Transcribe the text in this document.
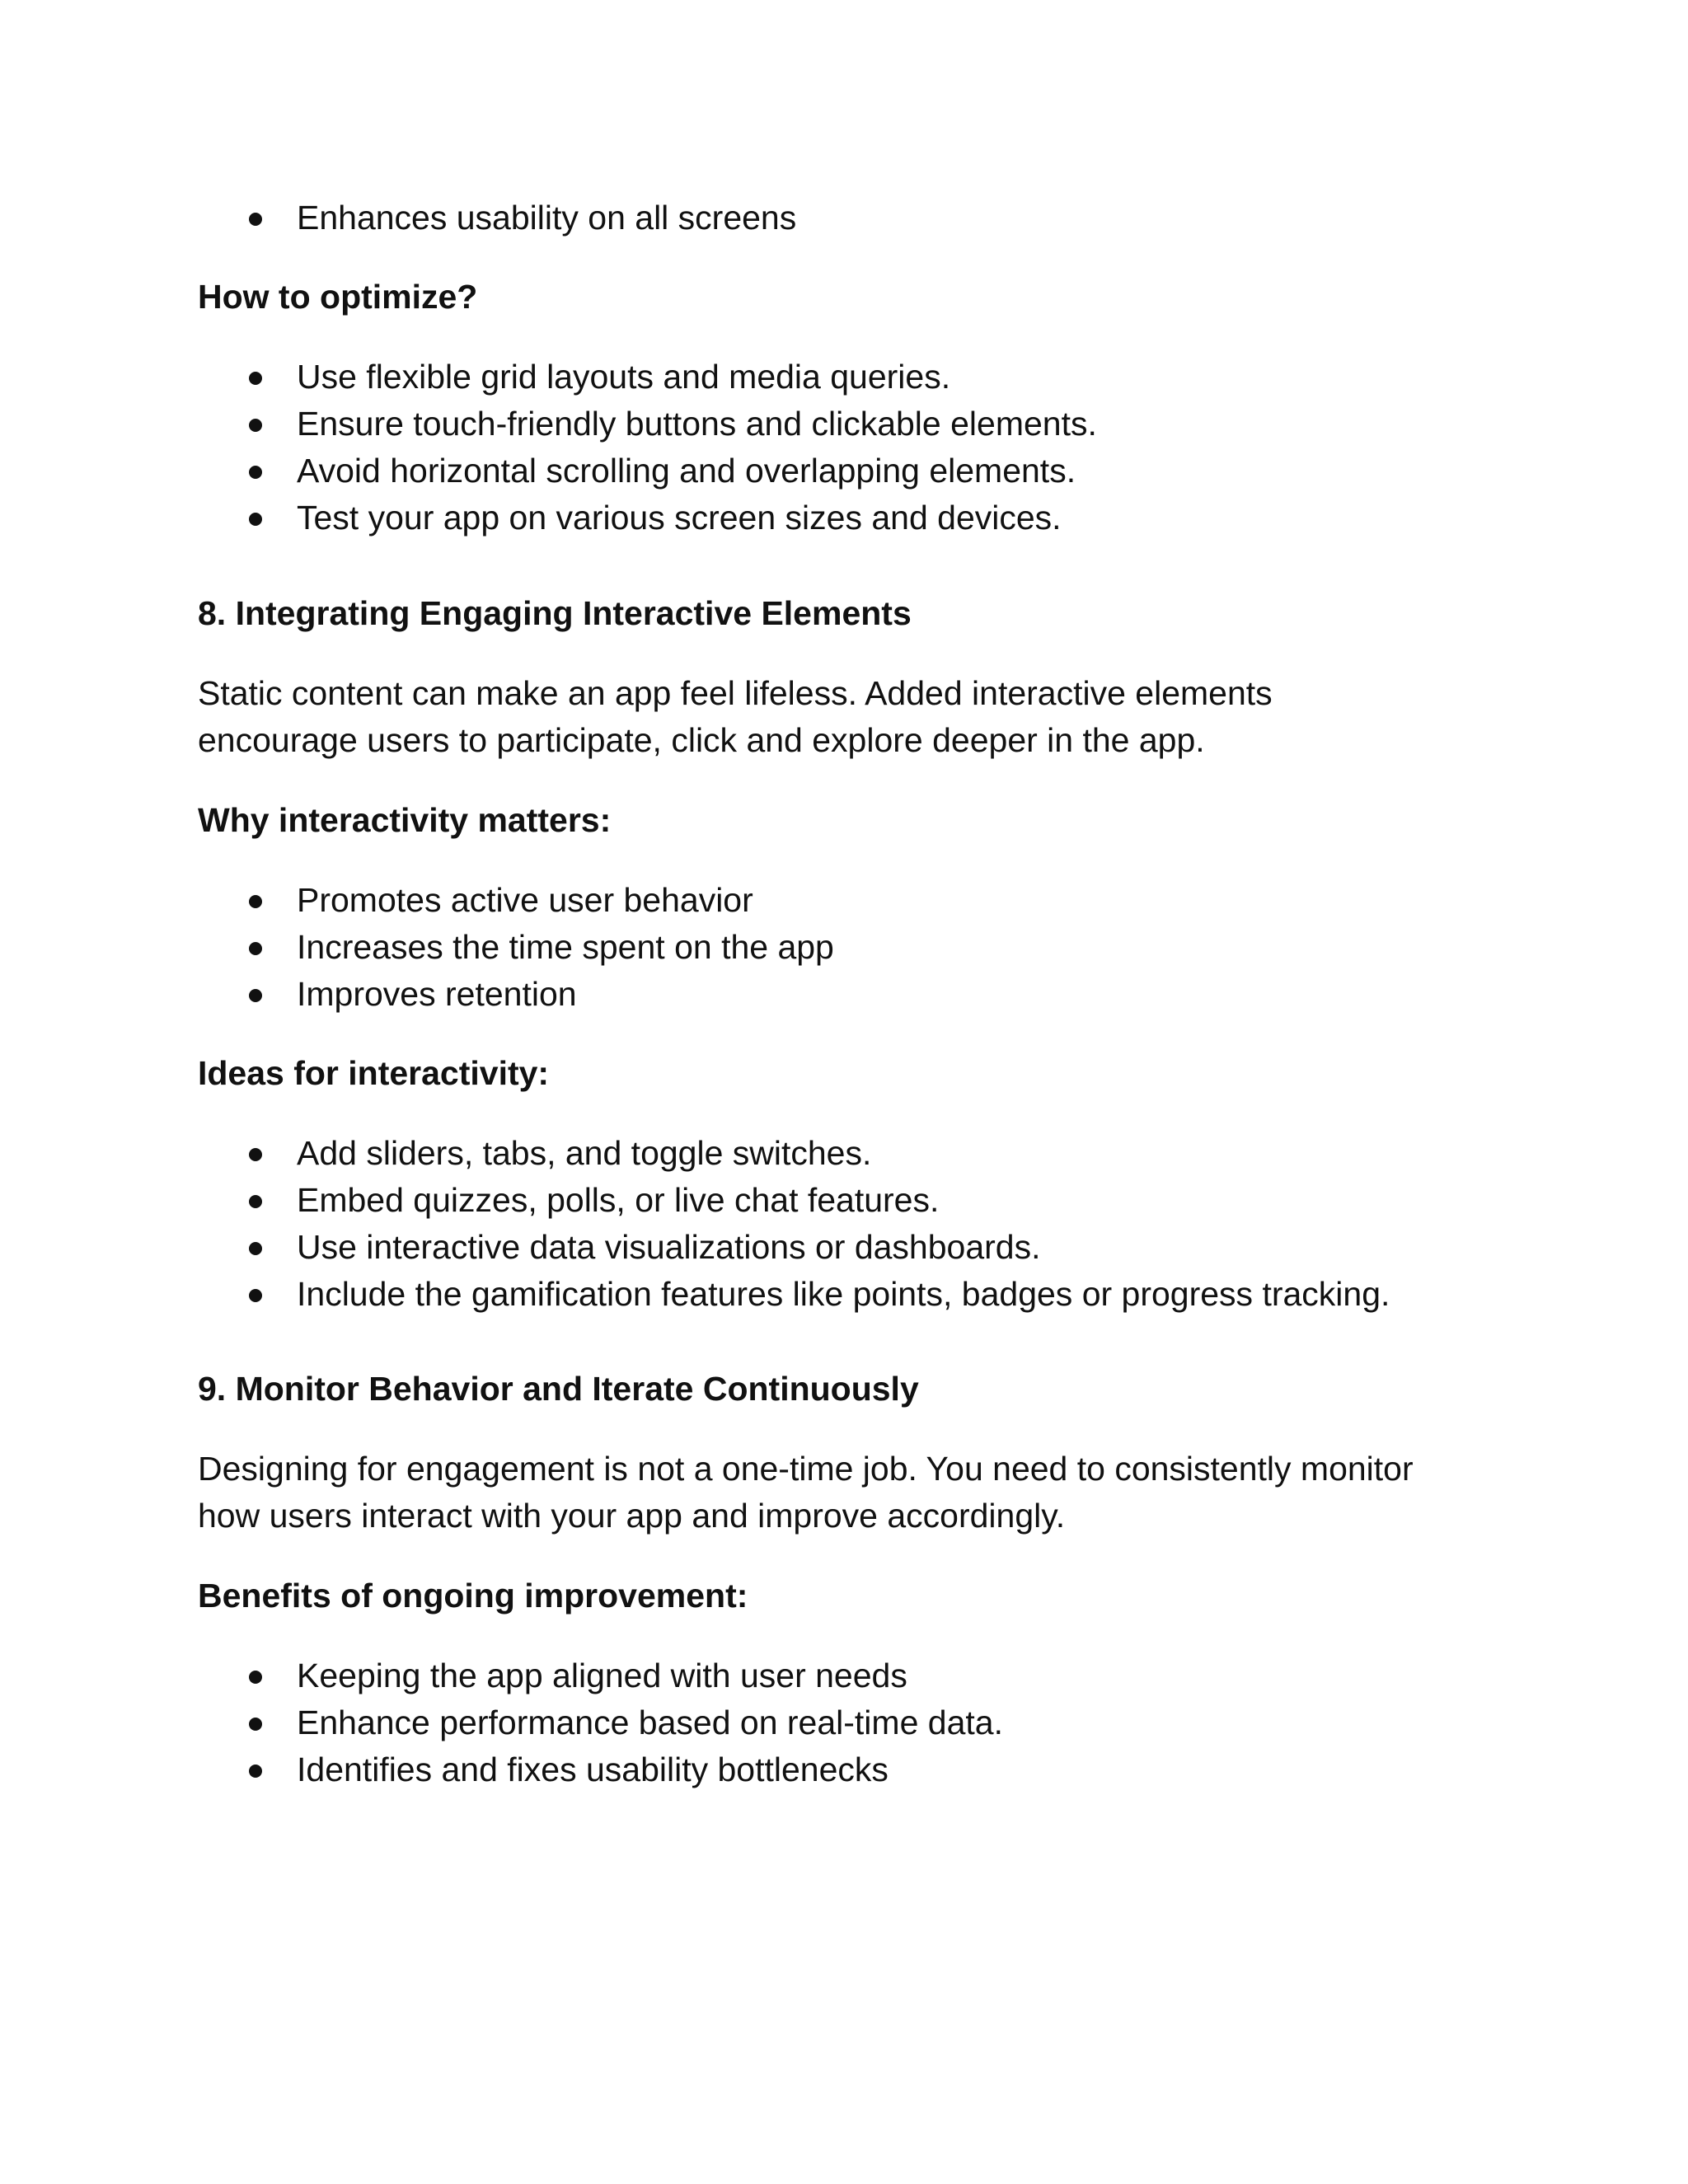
Enhances usability on all screens

How to optimize?

Use flexible grid layouts and media queries.
Ensure touch-friendly buttons and clickable elements.
Avoid horizontal scrolling and overlapping elements.
Test your app on various screen sizes and devices.

8. Integrating Engaging Interactive Elements

Static content can make an app feel lifeless. Added interactive elements

encourage users to participate, click and explore deeper in the app.

Why interactivity matters:

Promotes active user behavior
Increases the time spent on the app
Improves retention

Ideas for interactivity:

Add sliders, tabs, and toggle switches.
Embed quizzes, polls, or live chat features.
Use interactive data visualizations or dashboards.
Include the gamification features like points, badges or progress tracking.

9. Monitor Behavior and Iterate Continuously

Designing for engagement is not a one-time job. You need to consistently monitor

how users interact with your app and improve accordingly.

Benefits of ongoing improvement:

Keeping the app aligned with user needs
Enhance performance based on real-time data.
Identifies and fixes usability bottlenecks
